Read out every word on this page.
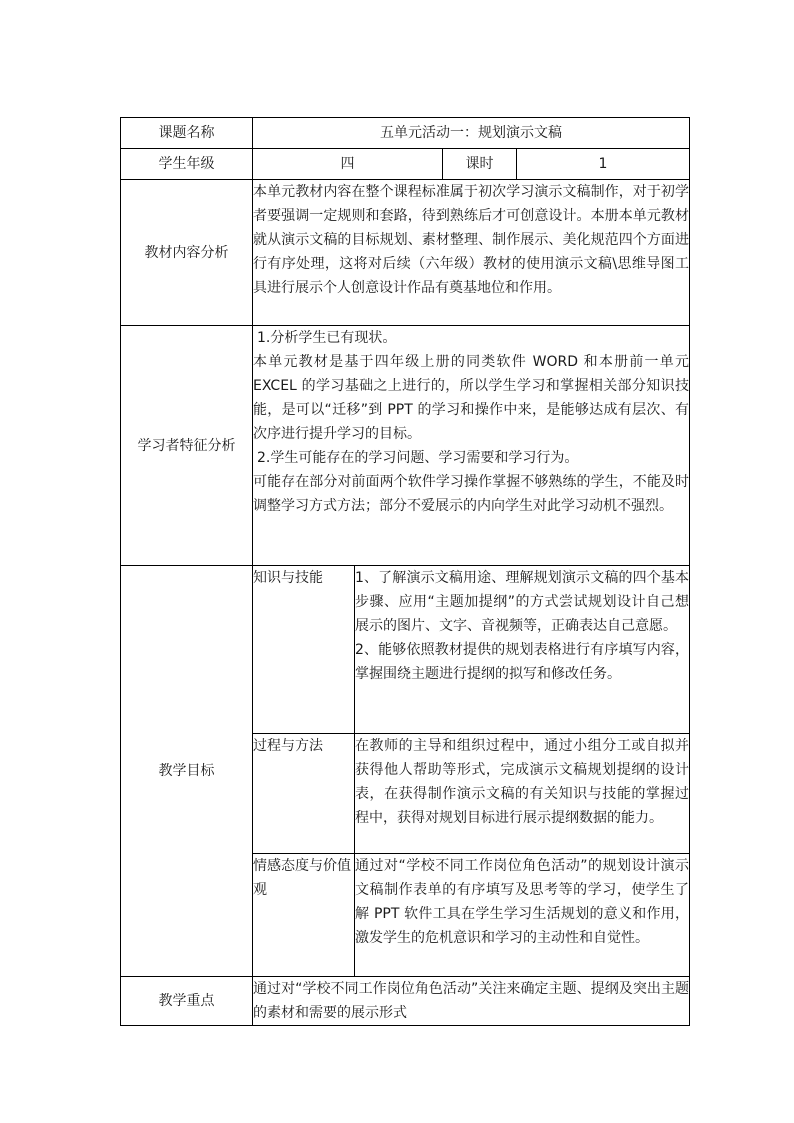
课题名称	五单元活动一：规划演示文稿			
学生年级	四		课时	1
教材内容分析	本单元教材内容在整个课程标准属于初次学习演示文稿制作，对于初学者要强调一定规则和套路，待到熟练后才可创意设计。本册本单元教材就从演示文稿的目标规划、素材整理、制作展示、美化规范四个方面进行有序处理，这将对后续（六年级）教材的使用演示文稿\思维导图工具进行展示个人创意设计作品有奠基地位和作用。			
学习者特征分析	1.分析学生已有现状。

本单元教材是基于四年级上册的同类软件 WORD 和本册前一单元 EXCEL 的学习基础之上进行的，所以学生学习和掌握相关部分知识技能，是可以“迁移”到 PPT 的学习和操作中来，是能够达成有层次、有次序进行提升学习的目标。

2.学生可能存在的学习问题、学习需要和学习行为。

可能存在部分对前面两个软件学习操作掌握不够熟练的学生，不能及时调整学习方式方法；部分不爱展示的内向学生对此学习动机不强烈。			

教学目标	知识与技能	1、了解演示文稿用途、理解规划演示文稿的四个基本步骤、应用“主题加提纲”的方式尝试规划设计自己想展示的图片、文字、音视频等，正确表达自己意愿。

2、能够依照教材提供的规划表格进行有序填写内容，掌握围绕主题进行提纲的拟写和修改任务。		

	过程与方法	在教师的主导和组织过程中，通过小组分工或自拟并获得他人帮助等形式，完成演示文稿规划提纲的设计表，在获得制作演示文稿的有关知识与技能的掌握过程中，获得对规划目标进行展示提纲数据的能力。		
	情感态度与价值观	通过对“学校不同工作岗位角色活动”的规划设计演示文稿制作表单的有序填写及思考等的学习，使学生了解 PPT 软件工具在学生学习生活规划的意义和作用，激发学生的危机意识和学习的主动性和自觉性。		
教学重点	通过对“学校不同工作岗位角色活动”关注来确定主题、提纲及突出主题的素材和需要的展示形式			
